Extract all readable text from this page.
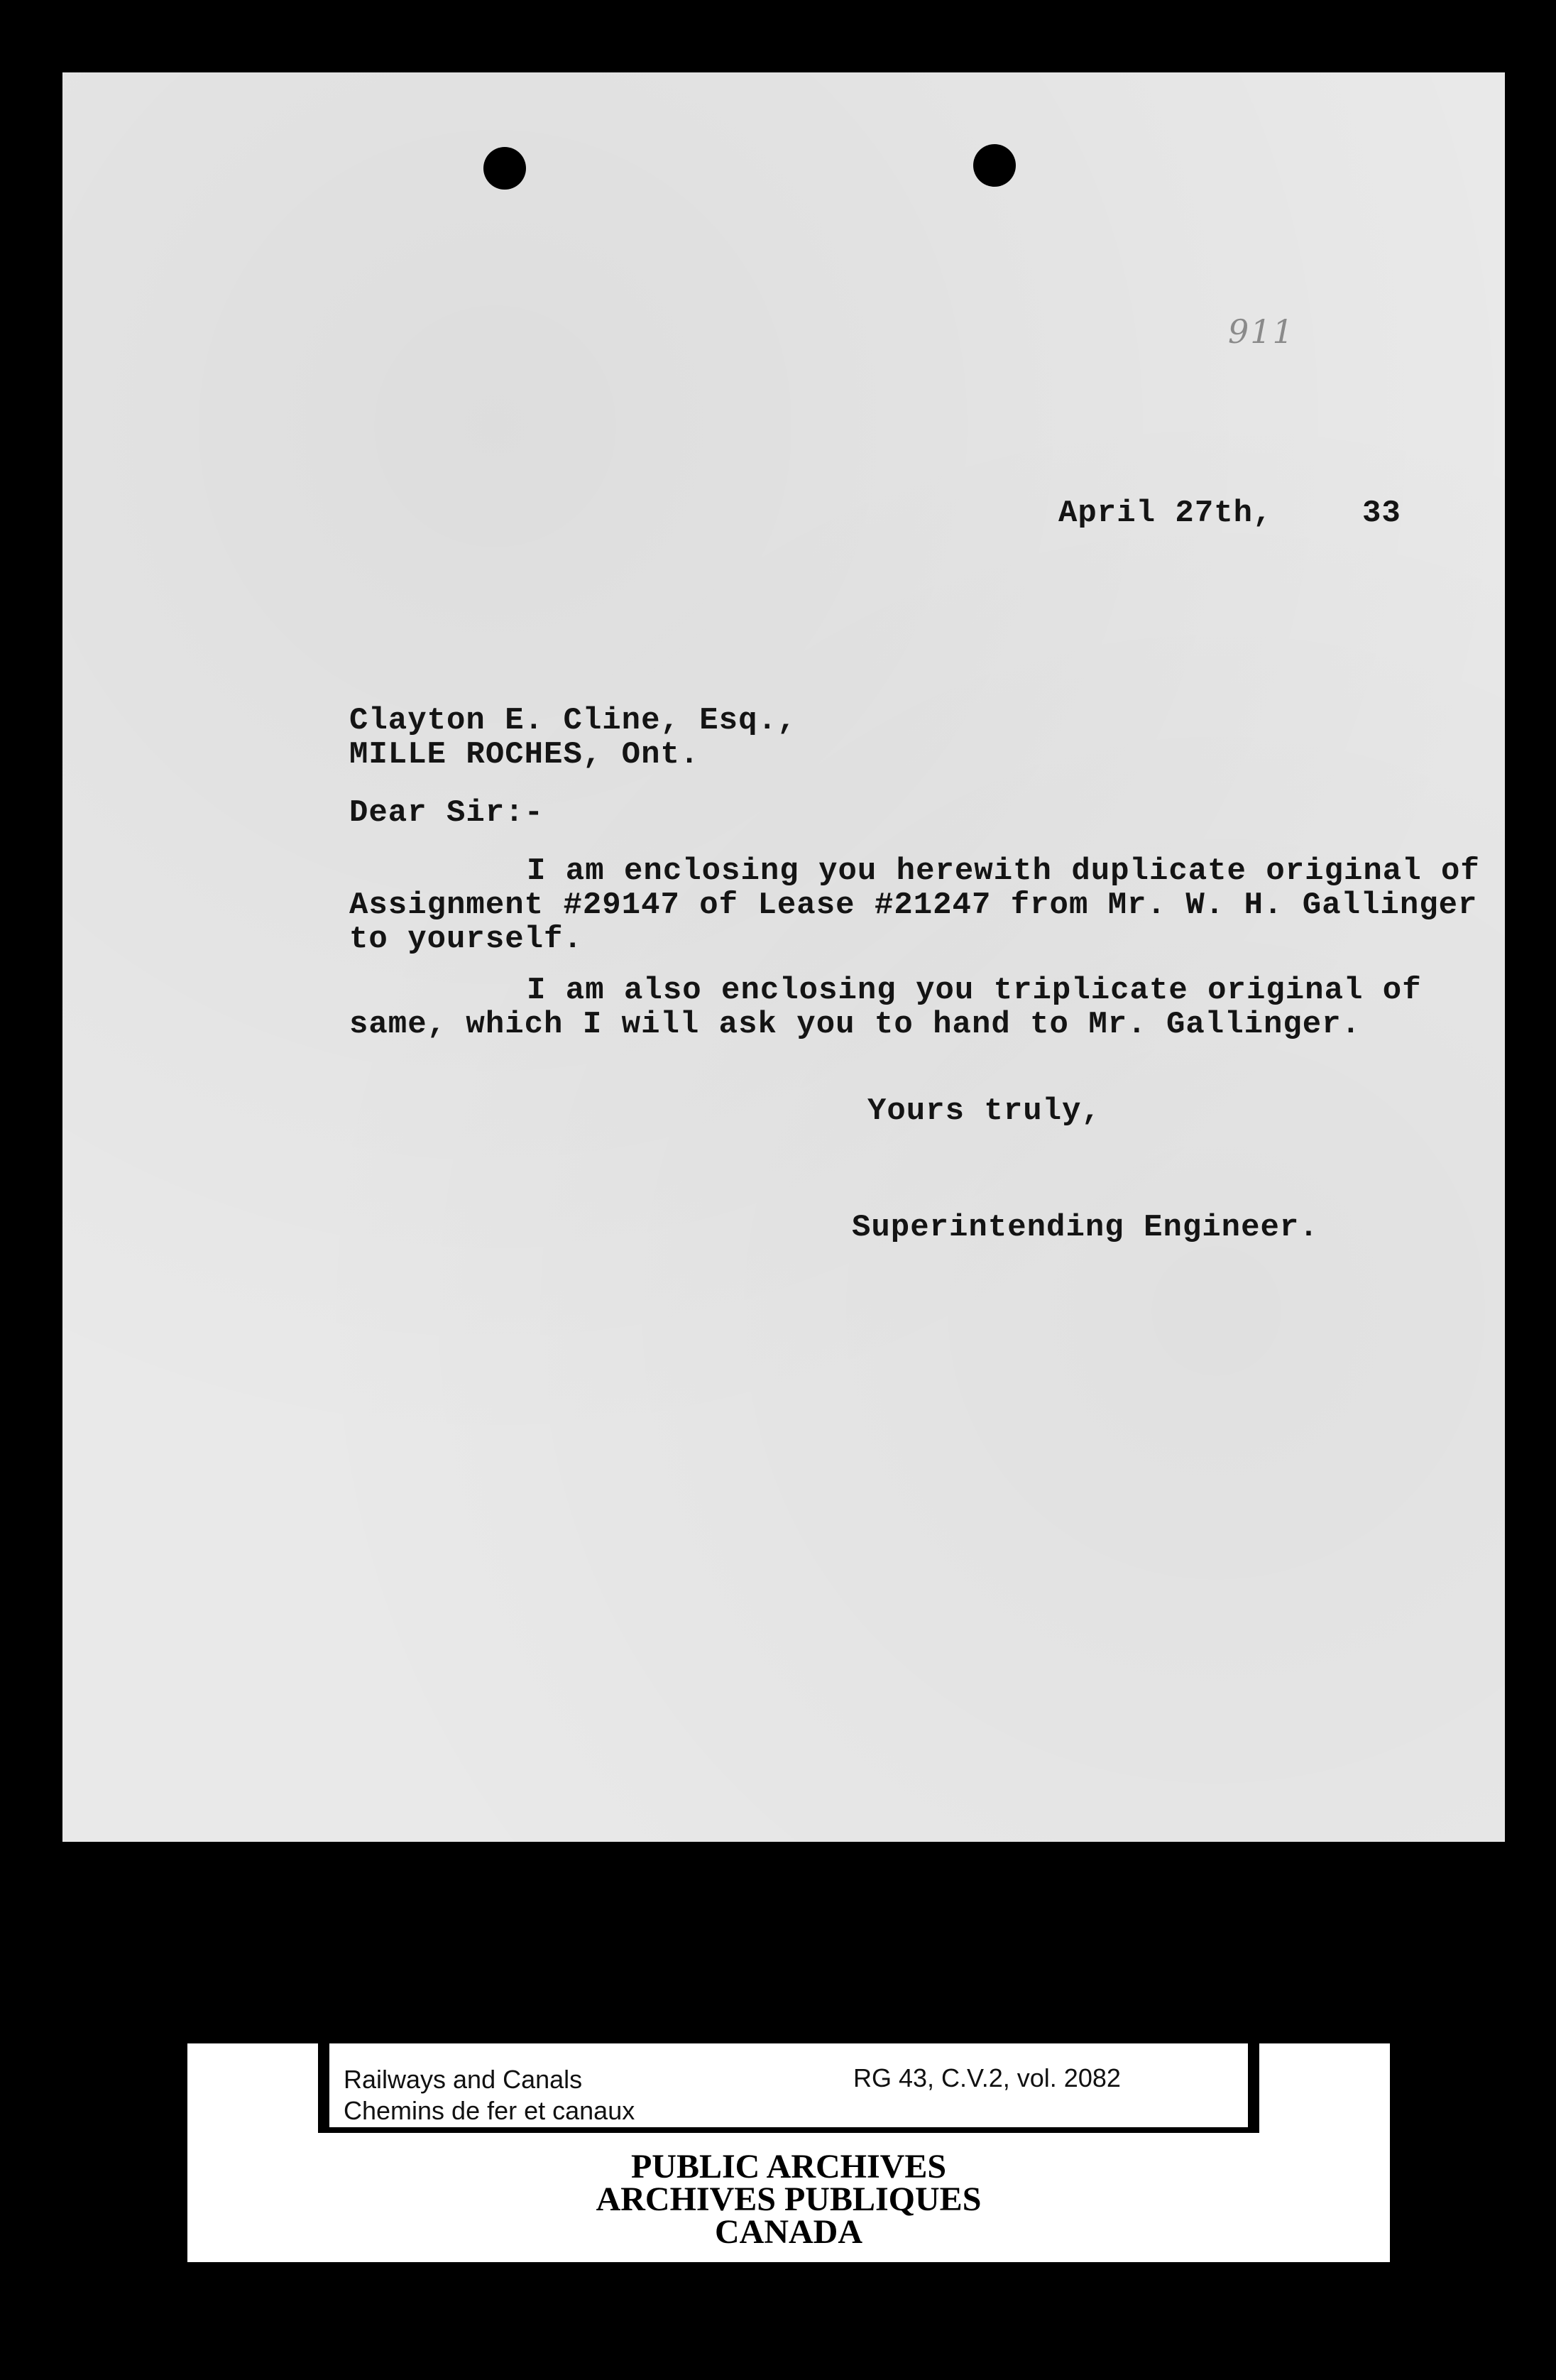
911
April 27th,	33
Clayton E. Cline, Esq.,
MILLE ROCHES, Ont.
Dear Sir:-
I am enclosing you herewith duplicate original of
Assignment #29147 of Lease #21247 from Mr. W. H. Gallinger
to yourself.
I am also enclosing you triplicate original of
same, which I will ask you to hand to Mr. Gallinger.
Yours truly,
Superintending Engineer.
Railways and Canals
Chemins de fer et canaux
RG 43, C.V.2, vol. 2082
PUBLIC ARCHIVES
ARCHIVES PUBLIQUES
CANADA
